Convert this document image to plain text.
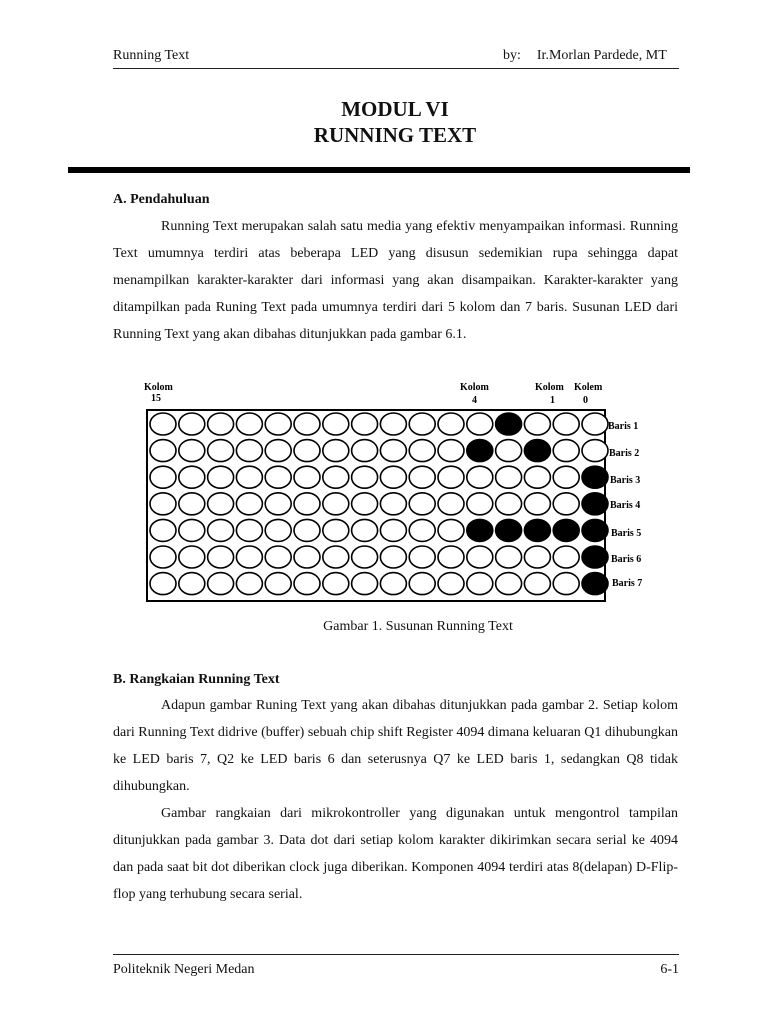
Running Text	by: Ir.Morlan Pardede, MT
MODUL VI
RUNNING TEXT
A. Pendahuluan

Running Text merupakan salah satu media yang efektiv menyampaikan informasi. Running Text umumnya terdiri atas beberapa LED yang disusun sedemikian rupa sehingga dapat menampilkan karakter-karakter dari informasi yang akan disampaikan. Karakter-karakter yang ditampilkan pada Runing Text pada umumnya terdiri dari 5 kolom dan 7 baris. Susunan LED dari Running Text yang akan dibahas ditunjukkan pada gambar 6.1.

Kolom
15
Kolom
4
Kolom
1
Kolem
0
Baris 1
Baris 2
Baris 3
Baris 4
Baris 5
Baris 6
Baris 7
Gambar 1. Susunan Running Text
B. Rangkaian Running Text

Adapun gambar Runing Text yang akan dibahas ditunjukkan pada gambar 2. Setiap kolom dari Running Text didrive (buffer) sebuah chip shift Register 4094 dimana keluaran Q1 dihubungkan ke LED baris 7, Q2 ke LED baris 6 dan seterusnya Q7 ke LED baris 1, sedangkan Q8 tidak dihubungkan.

Gambar rangkaian dari mikrokontroller yang digunakan untuk mengontrol tampilan ditunjukkan pada gambar 3. Data dot dari setiap kolom karakter dikirimkan secara serial ke 4094 dan pada saat bit dot diberikan clock juga diberikan. Komponen 4094 terdiri atas 8(delapan) D-Flip-flop yang terhubung secara serial.

Politeknik Negeri Medan	6-1
